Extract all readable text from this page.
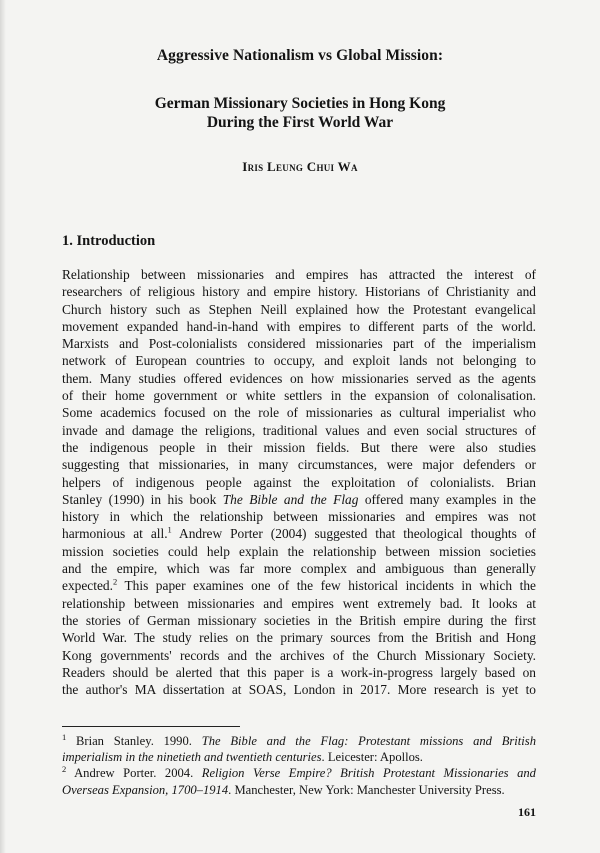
Aggressive Nationalism vs Global Mission:
German Missionary Societies in Hong Kong
During the First World War
Iris Leung Chui Wa
1. Introduction
Relationship between missionaries and empires has attracted the interest of
researchers of religious history and empire history. Historians of Christianity and
Church history such as Stephen Neill explained how the Protestant evangelical
movement expanded hand-in-hand with empires to different parts of the world.
Marxists and Post-colonialists considered missionaries part of the imperialism
network of European countries to occupy, and exploit lands not belonging to
them. Many studies offered evidences on how missionaries served as the agents
of their home government or white settlers in the expansion of colonalisation.
Some academics focused on the role of missionaries as cultural imperialist who
invade and damage the religions, traditional values and even social structures of
the indigenous people in their mission fields. But there were also studies
suggesting that missionaries, in many circumstances, were major defenders or
helpers of indigenous people against the exploitation of colonialists. Brian
Stanley (1990) in his book The Bible and the Flag offered many examples in the
history in which the relationship between missionaries and empires was not
harmonious at all.$^1$ Andrew Porter (2004) suggested that theological thoughts of
mission societies could help explain the relationship between mission societies
and the empire, which was far more complex and ambiguous than generally
expected.$^2$ This paper examines one of the few historical incidents in which the
relationship between missionaries and empires went extremely bad. It looks at
the stories of German missionary societies in the British empire during the first
World War. The study relies on the primary sources from the British and Hong
Kong governments' records and the archives of the Church Missionary Society.
Readers should be alerted that this paper is a work-in-progress largely based on
the author's MA dissertation at SOAS, London in 2017. More research is yet to
$^1$ Brian Stanley. 1990. The Bible and the Flag: Protestant missions and British
imperialism in the ninetieth and twentieth centuries. Leicester: Apollos.
$^2$ Andrew Porter. 2004. Religion Verse Empire? British Protestant Missionaries and
Overseas Expansion, 1700–1914. Manchester, New York: Manchester University Press.
161
